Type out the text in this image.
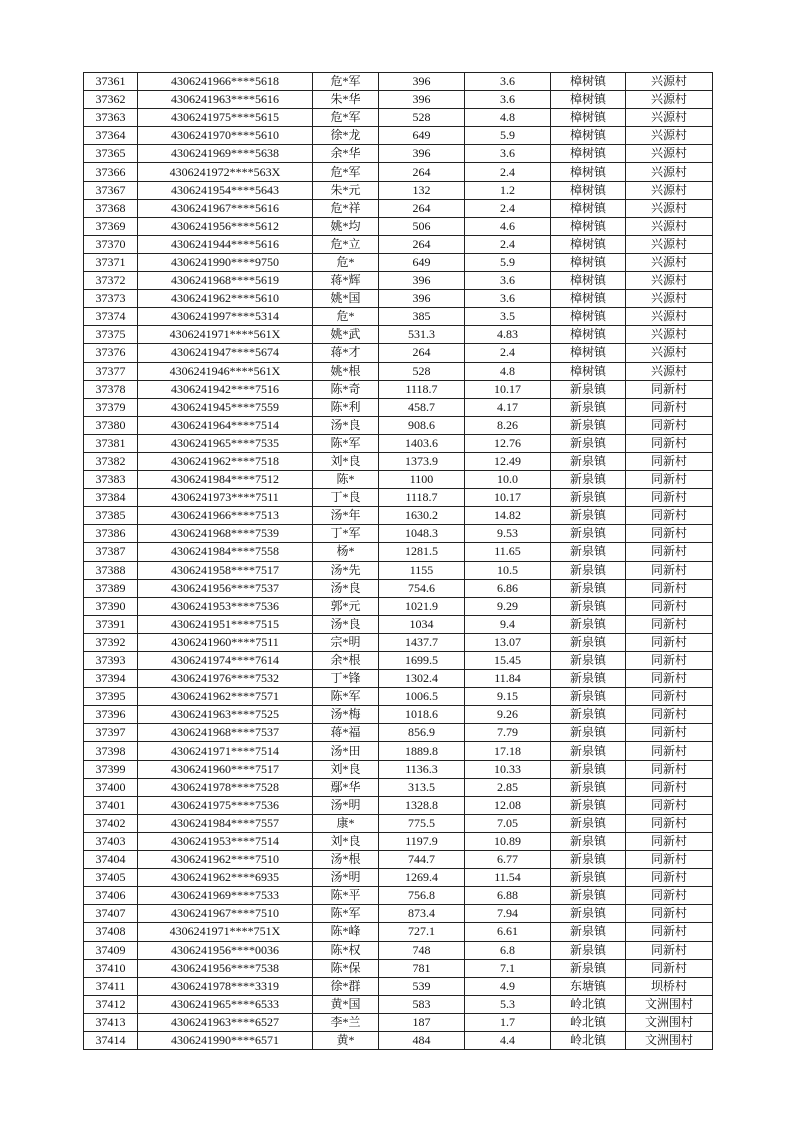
37361	4306241966****5618	危*军	396	3.6	樟树镇	兴源村
37362	4306241963****5616	朱*华	396	3.6	樟树镇	兴源村
37363	4306241975****5615	危*军	528	4.8	樟树镇	兴源村
37364	4306241970****5610	徐*龙	649	5.9	樟树镇	兴源村
37365	4306241969****5638	余*华	396	3.6	樟树镇	兴源村
37366	4306241972****563X	危*军	264	2.4	樟树镇	兴源村
37367	4306241954****5643	朱*元	132	1.2	樟树镇	兴源村
37368	4306241967****5616	危*祥	264	2.4	樟树镇	兴源村
37369	4306241956****5612	姚*均	506	4.6	樟树镇	兴源村
37370	4306241944****5616	危*立	264	2.4	樟树镇	兴源村
37371	4306241990****9750	危*	649	5.9	樟树镇	兴源村
37372	4306241968****5619	蒋*辉	396	3.6	樟树镇	兴源村
37373	4306241962****5610	姚*国	396	3.6	樟树镇	兴源村
37374	4306241997****5314	危*	385	3.5	樟树镇	兴源村
37375	4306241971****561X	姚*武	531.3	4.83	樟树镇	兴源村
37376	4306241947****5674	蒋*才	264	2.4	樟树镇	兴源村
37377	4306241946****561X	姚*根	528	4.8	樟树镇	兴源村
37378	4306241942****7516	陈*奇	1118.7	10.17	新泉镇	同新村
37379	4306241945****7559	陈*利	458.7	4.17	新泉镇	同新村
37380	4306241964****7514	汤*良	908.6	8.26	新泉镇	同新村
37381	4306241965****7535	陈*军	1403.6	12.76	新泉镇	同新村
37382	4306241962****7518	刘*良	1373.9	12.49	新泉镇	同新村
37383	4306241984****7512	陈*	1100	10.0	新泉镇	同新村
37384	4306241973****7511	丁*良	1118.7	10.17	新泉镇	同新村
37385	4306241966****7513	汤*年	1630.2	14.82	新泉镇	同新村
37386	4306241968****7539	丁*军	1048.3	9.53	新泉镇	同新村
37387	4306241984****7558	杨*	1281.5	11.65	新泉镇	同新村
37388	4306241958****7517	汤*先	1155	10.5	新泉镇	同新村
37389	4306241956****7537	汤*良	754.6	6.86	新泉镇	同新村
37390	4306241953****7536	郭*元	1021.9	9.29	新泉镇	同新村
37391	4306241951****7515	汤*良	1034	9.4	新泉镇	同新村
37392	4306241960****7511	宗*明	1437.7	13.07	新泉镇	同新村
37393	4306241974****7614	余*根	1699.5	15.45	新泉镇	同新村
37394	4306241976****7532	丁*锋	1302.4	11.84	新泉镇	同新村
37395	4306241962****7571	陈*军	1006.5	9.15	新泉镇	同新村
37396	4306241963****7525	汤*梅	1018.6	9.26	新泉镇	同新村
37397	4306241968****7537	蒋*福	856.9	7.79	新泉镇	同新村
37398	4306241971****7514	汤*田	1889.8	17.18	新泉镇	同新村
37399	4306241960****7517	刘*良	1136.3	10.33	新泉镇	同新村
37400	4306241978****7528	鄢*华	313.5	2.85	新泉镇	同新村
37401	4306241975****7536	汤*明	1328.8	12.08	新泉镇	同新村
37402	4306241984****7557	康*	775.5	7.05	新泉镇	同新村
37403	4306241953****7514	刘*良	1197.9	10.89	新泉镇	同新村
37404	4306241962****7510	汤*根	744.7	6.77	新泉镇	同新村
37405	4306241962****6935	汤*明	1269.4	11.54	新泉镇	同新村
37406	4306241969****7533	陈*平	756.8	6.88	新泉镇	同新村
37407	4306241967****7510	陈*军	873.4	7.94	新泉镇	同新村
37408	4306241971****751X	陈*峰	727.1	6.61	新泉镇	同新村
37409	4306241956****0036	陈*权	748	6.8	新泉镇	同新村
37410	4306241956****7538	陈*保	781	7.1	新泉镇	同新村
37411	4306241978****3319	徐*群	539	4.9	东塘镇	坝桥村
37412	4306241965****6533	黄*国	583	5.3	岭北镇	文洲围村
37413	4306241963****6527	李*兰	187	1.7	岭北镇	文洲围村
37414	4306241990****6571	黄*	484	4.4	岭北镇	文洲围村
